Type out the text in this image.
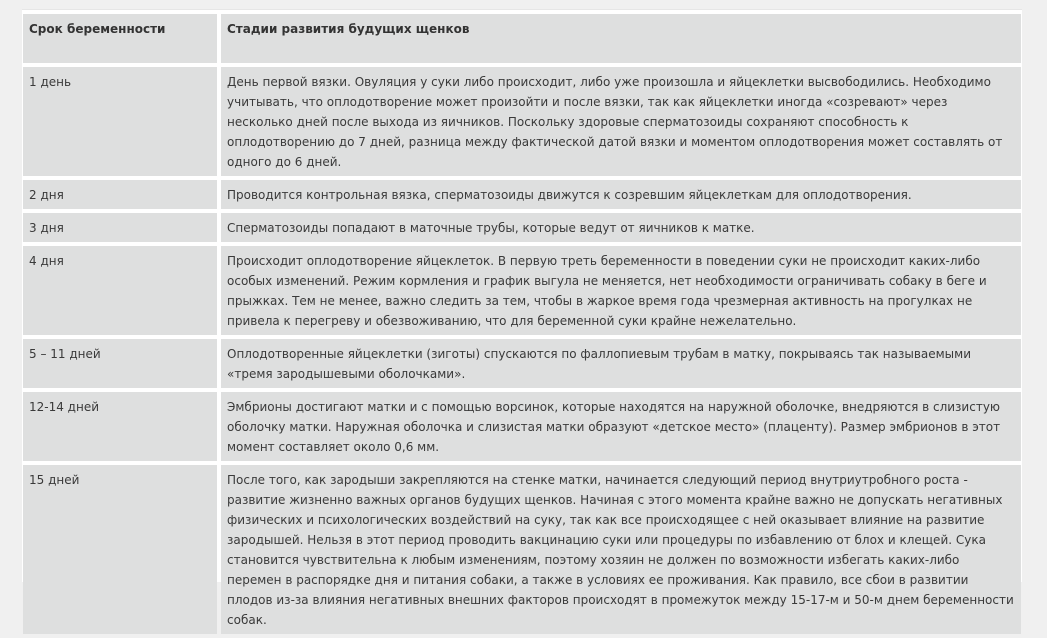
Срок беременности	Стадии развития будущих щенков
1 день	День первой вязки. Овуляция у суки либо происходит, либо уже произошла и яйцеклетки высвободились. Необходимо учитывать, что оплодотворение может произойти и после вязки, так как яйцеклетки иногда «созревают» через несколько дней после выхода из яичников. Поскольку здоровые сперматозоиды сохраняют способность к оплодотворению до 7 дней, разница между фактической датой вязки и моментом оплодотворения может составлять от одного до 6 дней.
2 дня	Проводится контрольная вязка, сперматозоиды движутся к созревшим яйцеклеткам для оплодотворения.
3 дня	Сперматозоиды попадают в маточные трубы, которые ведут от яичников к матке.
4 дня	Происходит оплодотворение яйцеклеток. В первую треть беременности в поведении суки не происходит каких-либо особых изменений. Режим кормления и график выгула не меняется, нет необходимости ограничивать собаку в беге и прыжках. Тем не менее, важно следить за тем, чтобы в жаркое время года чрезмерная активность на прогулках не привела к перегреву и обезвоживанию, что для беременной суки крайне нежелательно.
5 – 11 дней	Оплодотворенные яйцеклетки (зиготы) спускаются по фаллопиевым трубам в матку, покрываясь так называемыми «тремя зародышевыми оболочками».
12-14 дней	Эмбрионы достигают матки и с помощью ворсинок, которые находятся на наружной оболочке, внедряются в слизистую оболочку матки. Наружная оболочка и слизистая матки образуют «детское место» (плаценту). Размер эмбрионов в этот момент составляет около 0,6 мм.
15 дней	После того, как зародыши закрепляются на стенке матки, начинается следующий период внутриутробного роста - развитие жизненно важных органов будущих щенков. Начиная с этого момента крайне важно не допускать негативных физических и психологических воздействий на суку, так как все происходящее с ней оказывает влияние на развитие зародышей. Нельзя в этот период проводить вакцинацию суки или процедуры по избавлению от блох и клещей. Сука становится чувствительна к любым изменениям, поэтому хозяин не должен по возможности избегать каких-либо перемен в распорядке дня и питания собаки, а также в условиях ее проживания. Как правило, все сбои в развитии плодов из-за влияния негативных внешних факторов происходят в промежуток между 15-17-м и 50-м днем беременности собак.
